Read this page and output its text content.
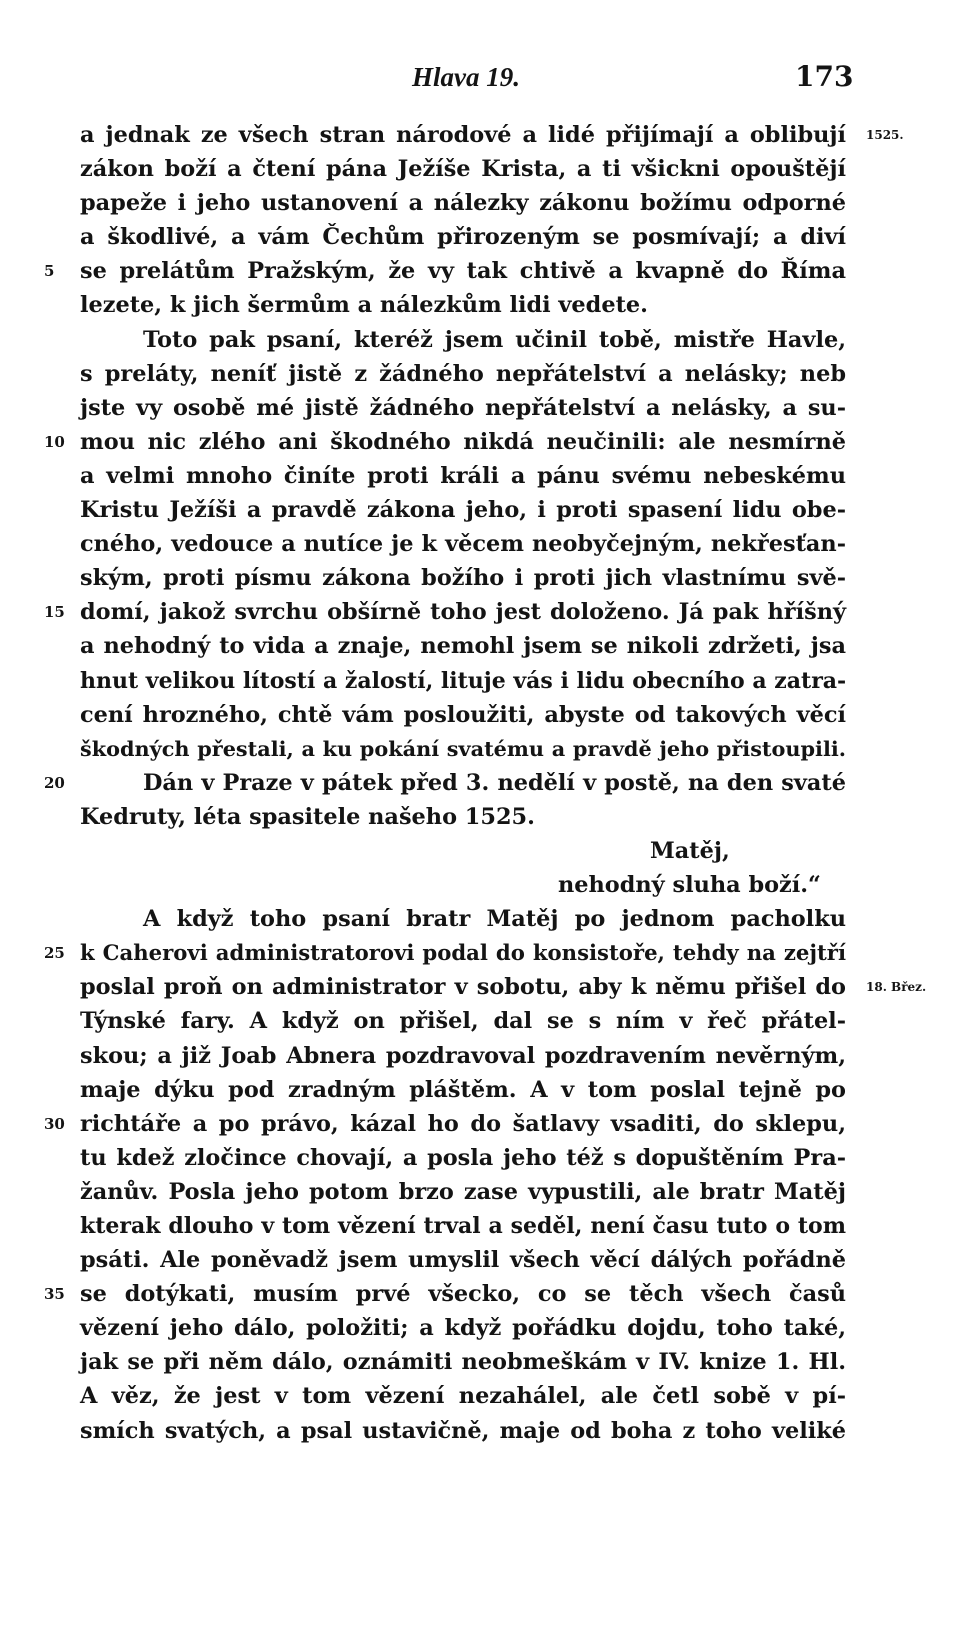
Hlava 19.	173
a jednak ze všech stran národové a lidé přijímají a oblibují 1525.
zákon boží a čtení pána Ježíše Krista, a ti všickni opouštějí
papeže i jeho ustanovení a nálezky zákonu božímu odporné
a škodlivé, a vám Čechům přirozeným se posmívají; a diví
5	se prelátům Pražským, že vy tak chtivě a kvapně do Říma
lezete, k jich šermům a nálezkům lidi vedete.
Toto pak psaní, kteréž jsem učinil tobě, mistře Havle,
s preláty, neníť jistě z žádného nepřátelství a nelásky; neb
jste vy osobě mé jistě žádného nepřátelství a nelásky, a su-
10 mou nic zlého ani škodného nikdá neučinili: ale nesmírně
a velmi mnoho činíte proti králi a pánu svému nebeskému
Kristu Ježíši a pravdě zákona jeho, i proti spasení lidu obe-
cného, vedouce a nutíce je k věcem neobyčejným, nekřesťan-
ským, proti písmu zákona božího i proti jich vlastnímu svě-
15 domí, jakož svrchu obšírně toho jest doloženo. Já pak hříšný
a nehodný to vida a znaje, nemohl jsem se nikoli zdržeti, jsa
hnut velikou lítostí a žalostí, lituje vás i lidu obecního a zatra-
cení hrozného, chtě vám posloužiti, abyste od takových věcí
škodných přestali, a ku pokání svatému a pravdě jeho přistoupili.
20	Dán v Praze v pátek před 3. nedělí v postě, na den svaté
Kedruty, léta spasitele našeho 1525.
Matěj,
nehodný sluha boží.“
A když toho psaní bratr Matěj po jednom pacholku
25 k Caherovi administratorovi podal do konsistoře, tehdy na zejtří
poslal proň on administrator v sobotu, aby k němu přišel do 18. Břez.
Týnské fary. A když on přišel, dal se s ním v řeč přátel-
skou; a již Joab Abnera pozdravoval pozdravením nevěrným,
maje dýku pod zradným pláštěm. A v tom poslal tejně po
30 richtáře a po právo, kázal ho do šatlavy vsaditi, do sklepu,
tu kdež zločince chovají, a posla jeho též s dopuštěním Pra-
žanův. Posla jeho potom brzo zase vypustili, ale bratr Matěj
kterak dlouho v tom vězení trval a seděl, není času tuto o tom
psáti. Ale poněvadž jsem umyslil všech věcí dálých pořádně
35 se dotýkati, musím prvé všecko, co se těch všech časů
vězení jeho dálo, položiti; a když pořádku dojdu, toho také,
jak se při něm dálo, oznámiti neobmeškám v IV. knize 1. Hl.
A věz, že jest v tom vězení nezahálel, ale četl sobě v pí-
smích svatých, a psal ustavičně, maje od boha z toho veliké
